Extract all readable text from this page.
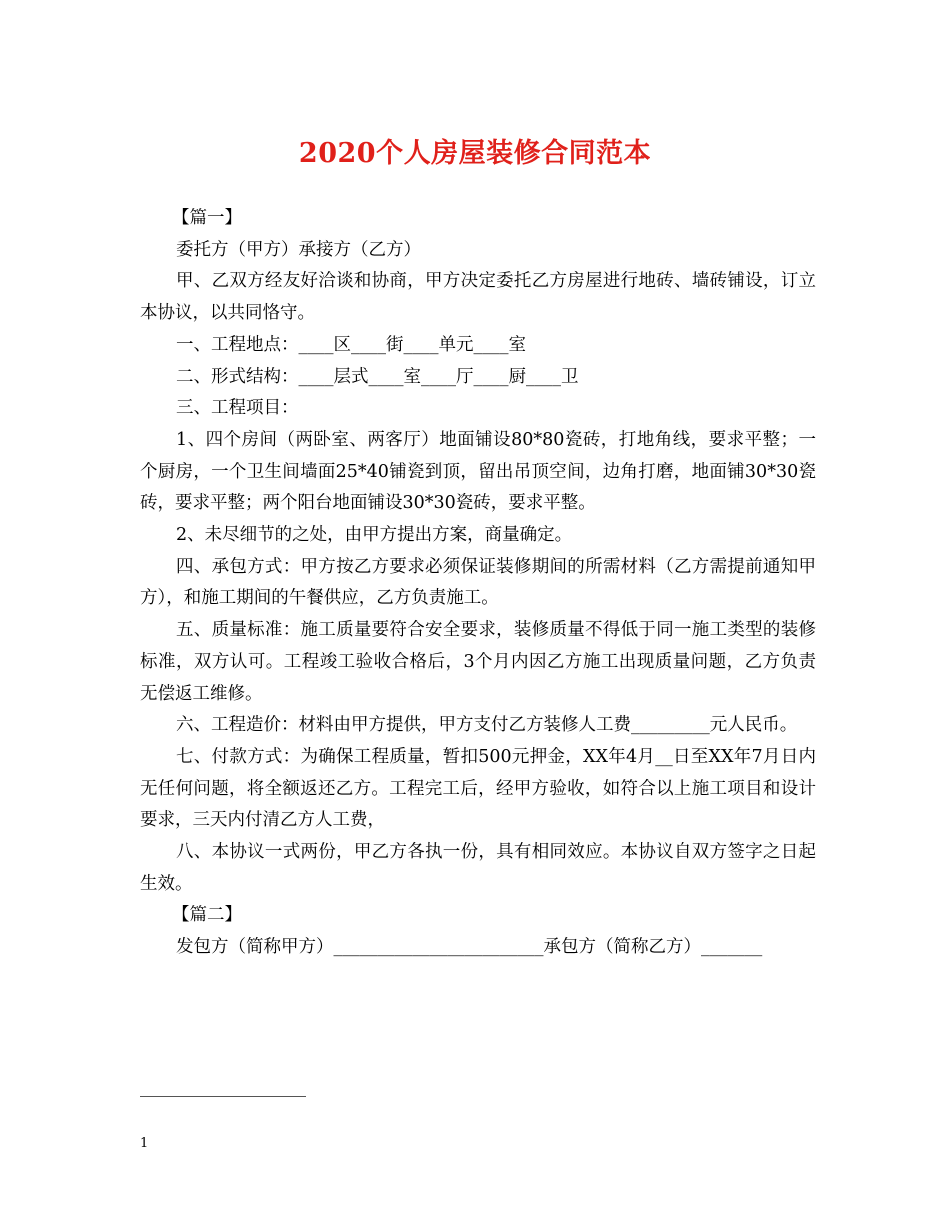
2020个人房屋装修合同范本

【篇一】

委托方（甲方）承接方（乙方）

甲、乙双方经友好洽谈和协商，甲方决定委托乙方房屋进行地砖、墙砖铺设，订立本协议，以共同恪守。

一、工程地点：____区____街____单元____室

二、形式结构：____层式____室____厅____厨____卫

三、工程项目：

1、四个房间（两卧室、两客厅）地面铺设80*80瓷砖，打地角线，要求平整；一个厨房，一个卫生间墙面25*40铺瓷到顶，留出吊顶空间，边角打磨，地面铺30*30瓷砖，要求平整；两个阳台地面铺设30*30瓷砖，要求平整。

2、未尽细节的之处，由甲方提出方案，商量确定。

四、承包方式：甲方按乙方要求必须保证装修期间的所需材料（乙方需提前通知甲方），和施工期间的午餐供应，乙方负责施工。

五、质量标准：施工质量要符合安全要求，装修质量不得低于同一施工类型的装修标准，双方认可。工程竣工验收合格后，3个月内因乙方施工出现质量问题，乙方负责无偿返工维修。

六、工程造价：材料由甲方提供，甲方支付乙方装修人工费_________元人民币。

七、付款方式：为确保工程质量，暂扣500元押金，XX年4月__日至XX年7月日内无任何问题，将全额返还乙方。工程完工后，经甲方验收，如符合以上施工项目和设计要求，三天内付清乙方人工费，

八、本协议一式两份，甲乙方各执一份，具有相同效应。本协议自双方签字之日起生效。

【篇二】

发包方（简称甲方）________________________承包方（简称乙方）_______

1
